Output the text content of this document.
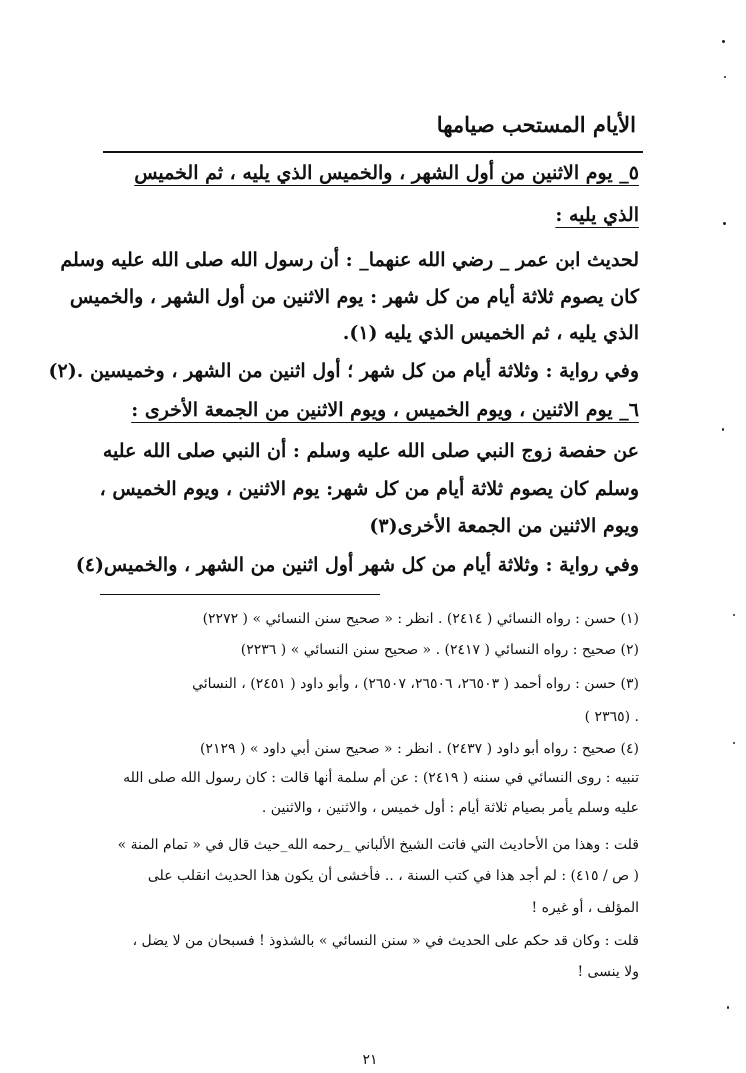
الأيام المستحب صيامها
٥_ يوم الاثنين من أول الشهر ، والخميس الذي يليه ، ثم الخميس
الذي يليه :
لحديث ابن عمر _ رضي الله عنهما_ : أن رسول الله صلى الله عليه وسلم
كان يصوم ثلاثة أيام من كل شهر : يوم الاثنين من أول الشهر ، والخميس
الذي يليه ، ثم الخميس الذي يليه (١).
وفي رواية : وثلاثة أيام من كل شهر ؛ أول اثنين من الشهر ، وخميسين .(٢)
٦_ يوم الاثنين ، ويوم الخميس ، ويوم الاثنين من الجمعة الأخرى :
عن حفصة زوج النبي صلى الله عليه وسلم : أن النبي صلى الله عليه
وسلم كان يصوم ثلاثة أيام من كل شهر: يوم الاثنين ، ويوم الخميس ،
ويوم الاثنين من الجمعة الأخرى(٣)
وفي رواية : وثلاثة أيام من كل شهر أول اثنين من الشهر ، والخميس(٤)
(١) حسن : رواه النسائي ( ٢٤١٤) . انظر : « صحيح سنن النسائي » ( ٢٢٧٢)
(٢) صحيح : رواه النسائي ( ٢٤١٧) . « صحيح سنن النسائي » ( ٢٢٣٦)
(٣) حسن : رواه أحمد ( ٢٦٥٠٣، ٢٦٥٠٦، ٢٦٥٠٧) ، وأبو داود ( ٢٤٥١) ، النسائي
( ٢٣٦٥) .
(٤) صحيح : رواه أبو داود ( ٢٤٣٧) . انظر : « صحيح سنن أبي داود » ( ٢١٢٩)
تنبيه : روى النسائي في سننه ( ٢٤١٩) : عن أم سلمة أنها قالت : كان رسول الله صلى الله
عليه وسلم يأمر بصيام ثلاثة أيام : أول خميس ، والاثنين ، والاثنين .
قلت : وهذا من الأحاديث التي فاتت الشيخ الألباني _رحمه الله_حيث قال في « تمام المنة »
( ص / ٤١٥) : لم أجد هذا في كتب السنة ، .. فأخشى أن يكون هذا الحديث انقلب على
المؤلف ، أو غيره !
قلت : وكان قد حكم على الحديث في « سنن النسائي » بالشذوذ ! فسبحان من لا يضل ،
ولا ينسى !
٢١
